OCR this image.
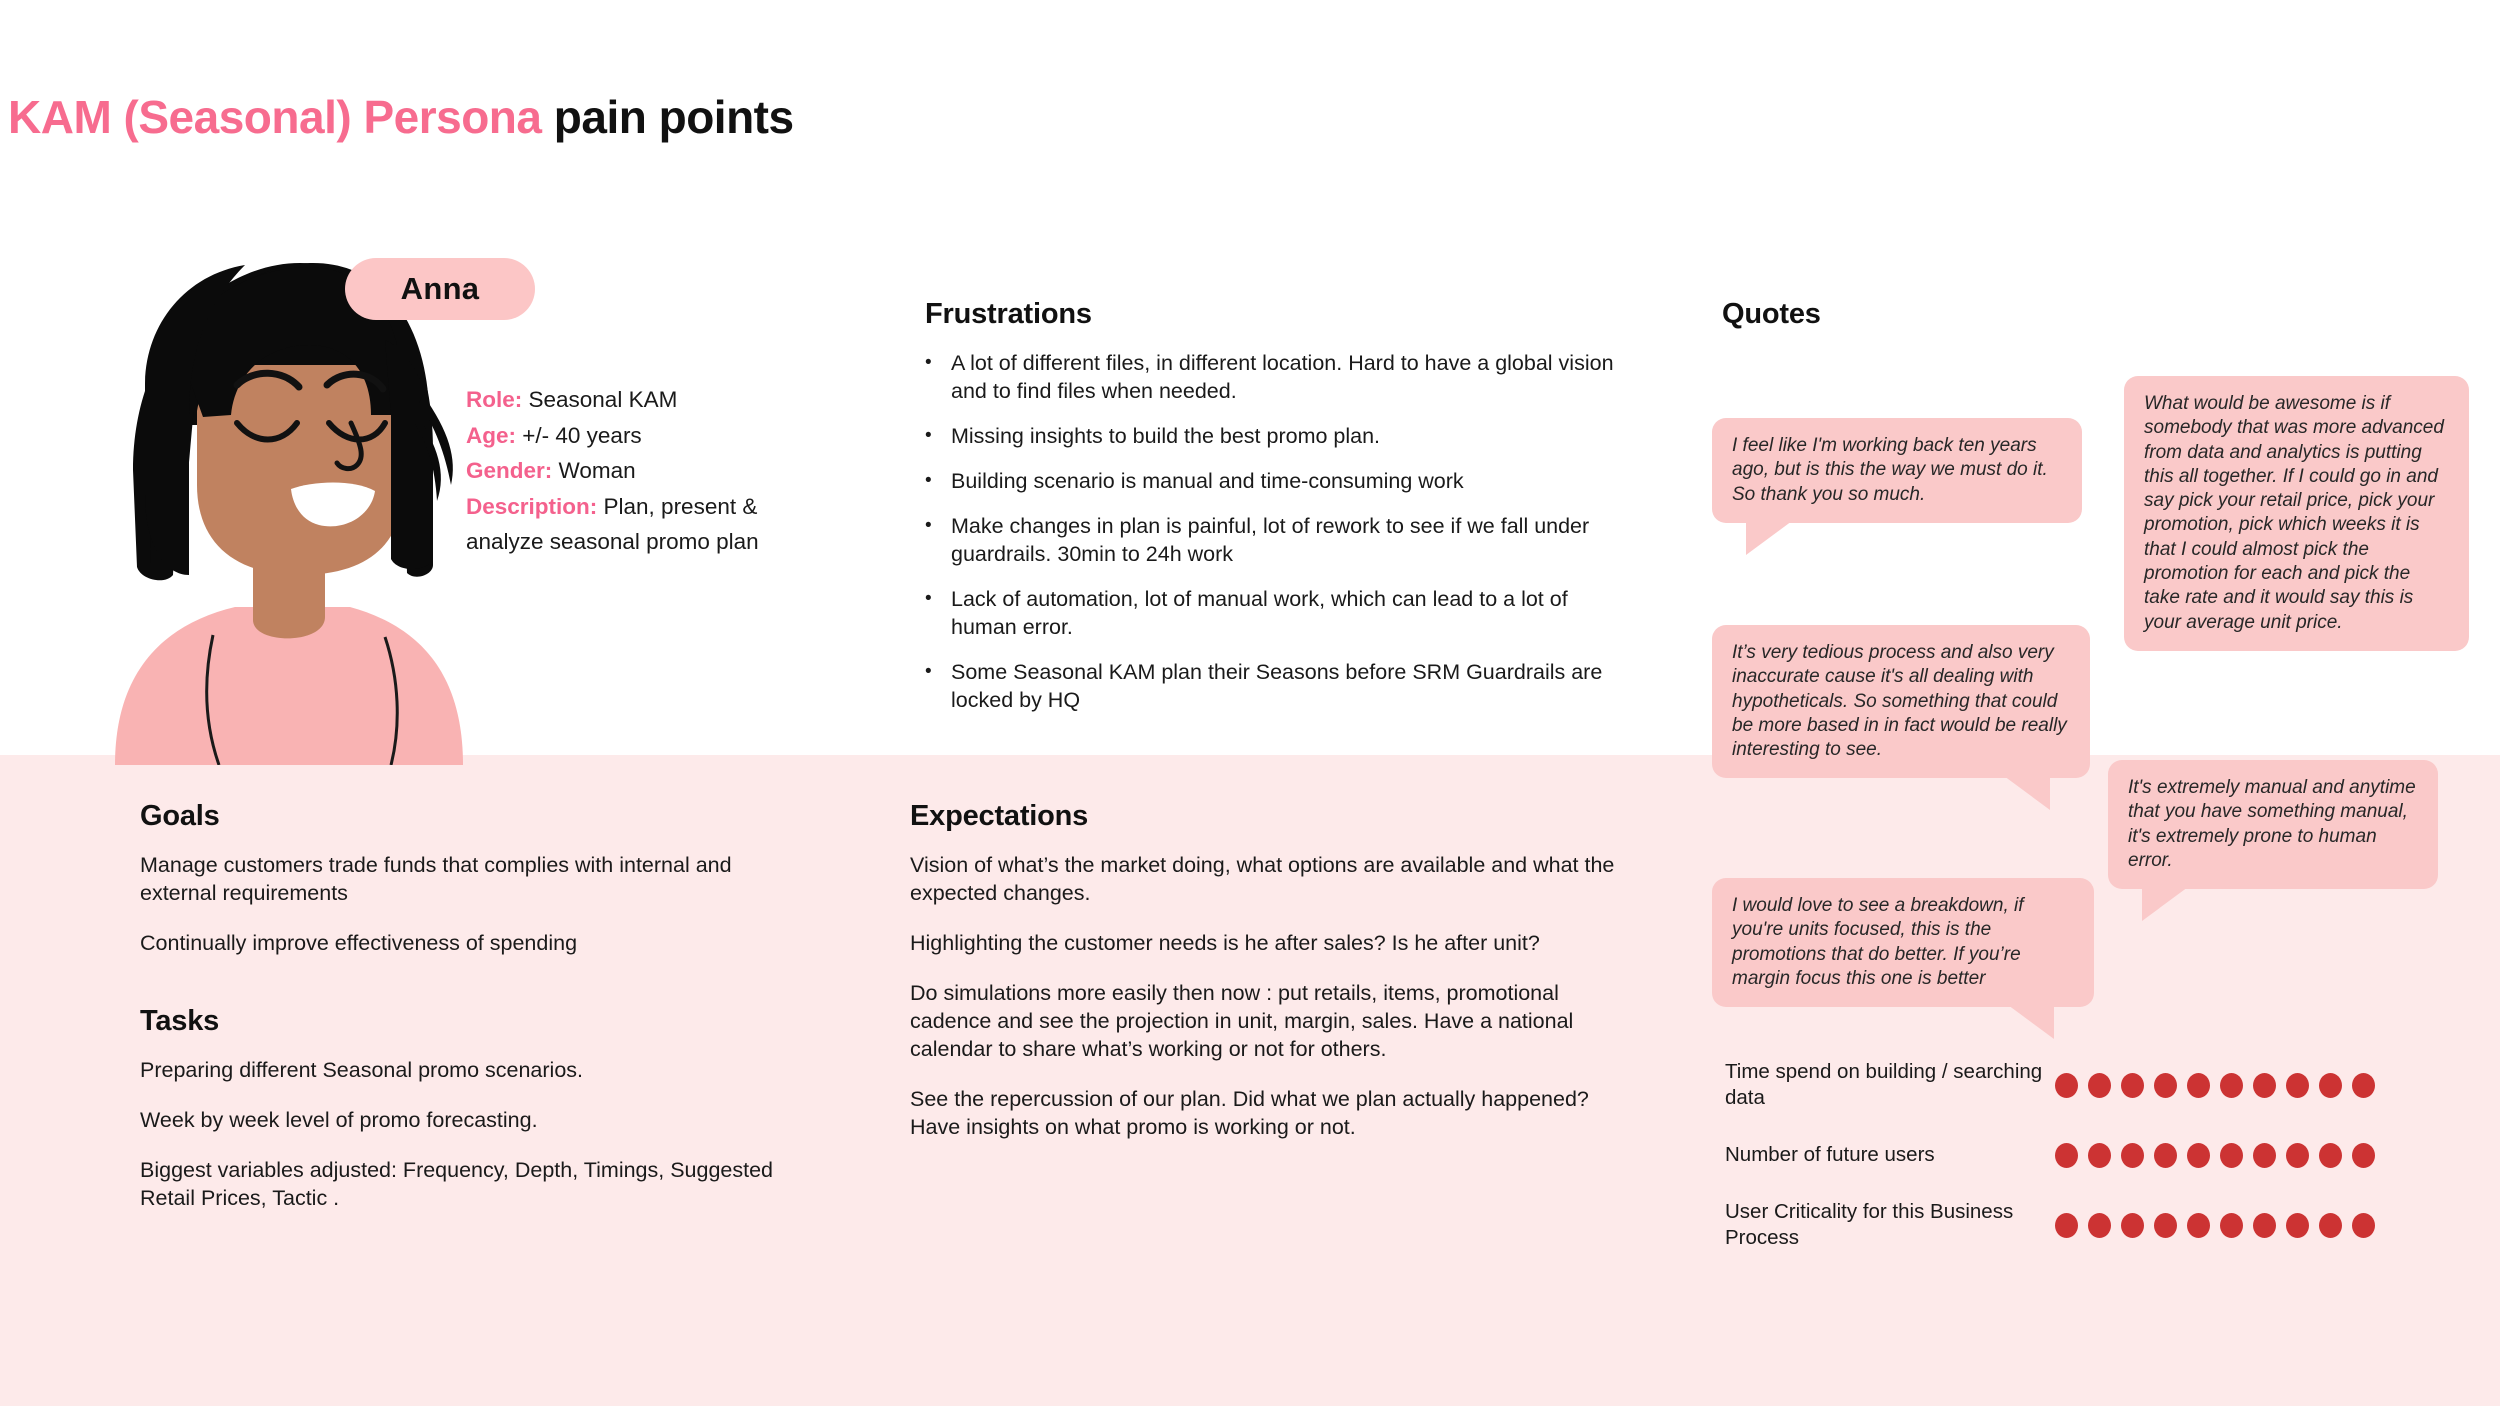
KAM (Seasonal) Persona pain points
Anna
Role: Seasonal KAM
Age: +/- 40 years
Gender: Woman
Description: Plan, present & analyze seasonal promo plan
Frustrations
• A lot of different files, in different location. Hard to have a global vision and to find files when needed.
• Missing insights to build the best promo plan.
• Building scenario is manual and time-consuming work
• Make changes in plan is painful, lot of rework to see if we fall under guardrails. 30min to 24h work
• Lack of automation, lot of manual work, which can lead to a lot of human error.
• Some Seasonal KAM plan their Seasons before SRM Guardrails are locked by HQ
Quotes
I feel like I'm working back ten years ago, but is this the way we must do it. So thank you so much.
What would be awesome is if somebody that was more advanced from data and analytics is putting this all together. If I could go in and say pick your retail price, pick your promotion, pick which weeks it is that I could almost pick the promotion for each and pick the take rate and it would say this is your average unit price.
It’s very tedious process and also very inaccurate cause it's all dealing with hypotheticals. So something that could be more based in in fact would be really interesting to see.
It's extremely manual and anytime that you have something manual, it's extremely prone to human error.
I would love to see a breakdown, if you're units focused, this is the promotions that do better. If you’re margin focus this one is better
Goals
Manage customers trade funds that complies with internal and external requirements
Continually improve effectiveness of spending
Tasks
Preparing different Seasonal promo scenarios.
Week by week level of promo forecasting.
Biggest variables adjusted: Frequency, Depth, Timings, Suggested Retail Prices, Tactic .
Expectations
Vision of what’s the market doing, what options are available and what the expected changes.
Highlighting the customer needs is he after sales? Is he after unit?
Do simulations more easily then now : put retails, items, promotional cadence and see the projection in unit, margin, sales. Have a national calendar to share what’s working or not for others.
See the repercussion of our plan. Did what we plan actually happened? Have insights on what promo is working or not.
Time spend on building / searching data
Number of future users
User Criticality for this Business Process
